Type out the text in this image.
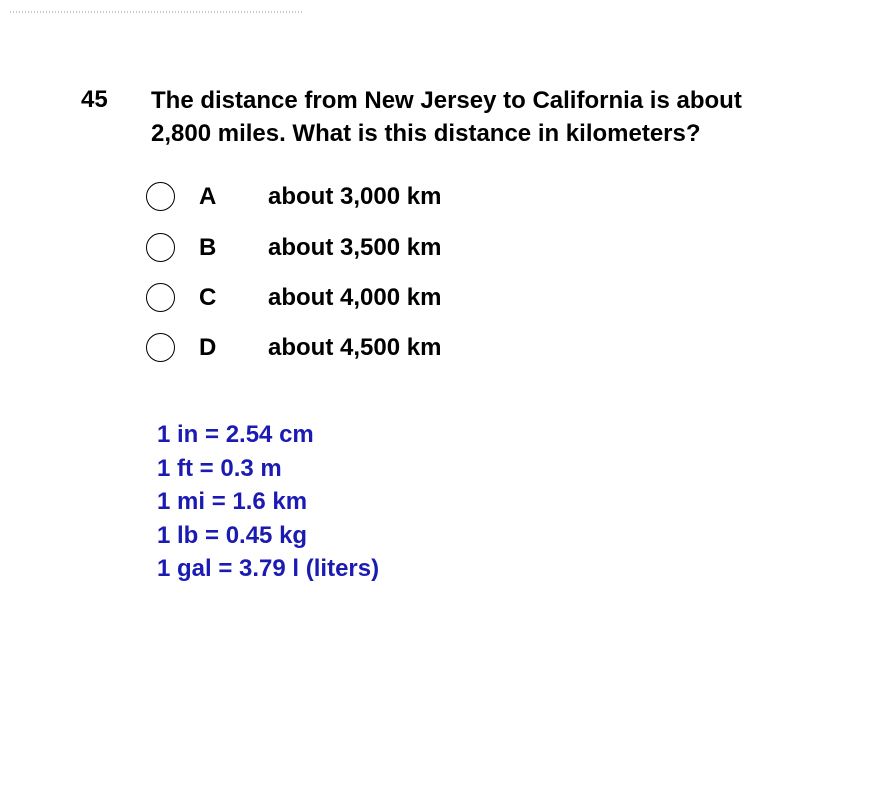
45 The distance from New Jersey to California is about
2,800 miles. What is this distance in kilometers?
A about 3,000 km
B about 3,500 km
C about 4,000 km
D about 4,500 km
1 in = 2.54 cm
1 ft = 0.3 m
1 mi = 1.6 km
1 lb = 0.45 kg
1 gal = 3.79 l (liters)
